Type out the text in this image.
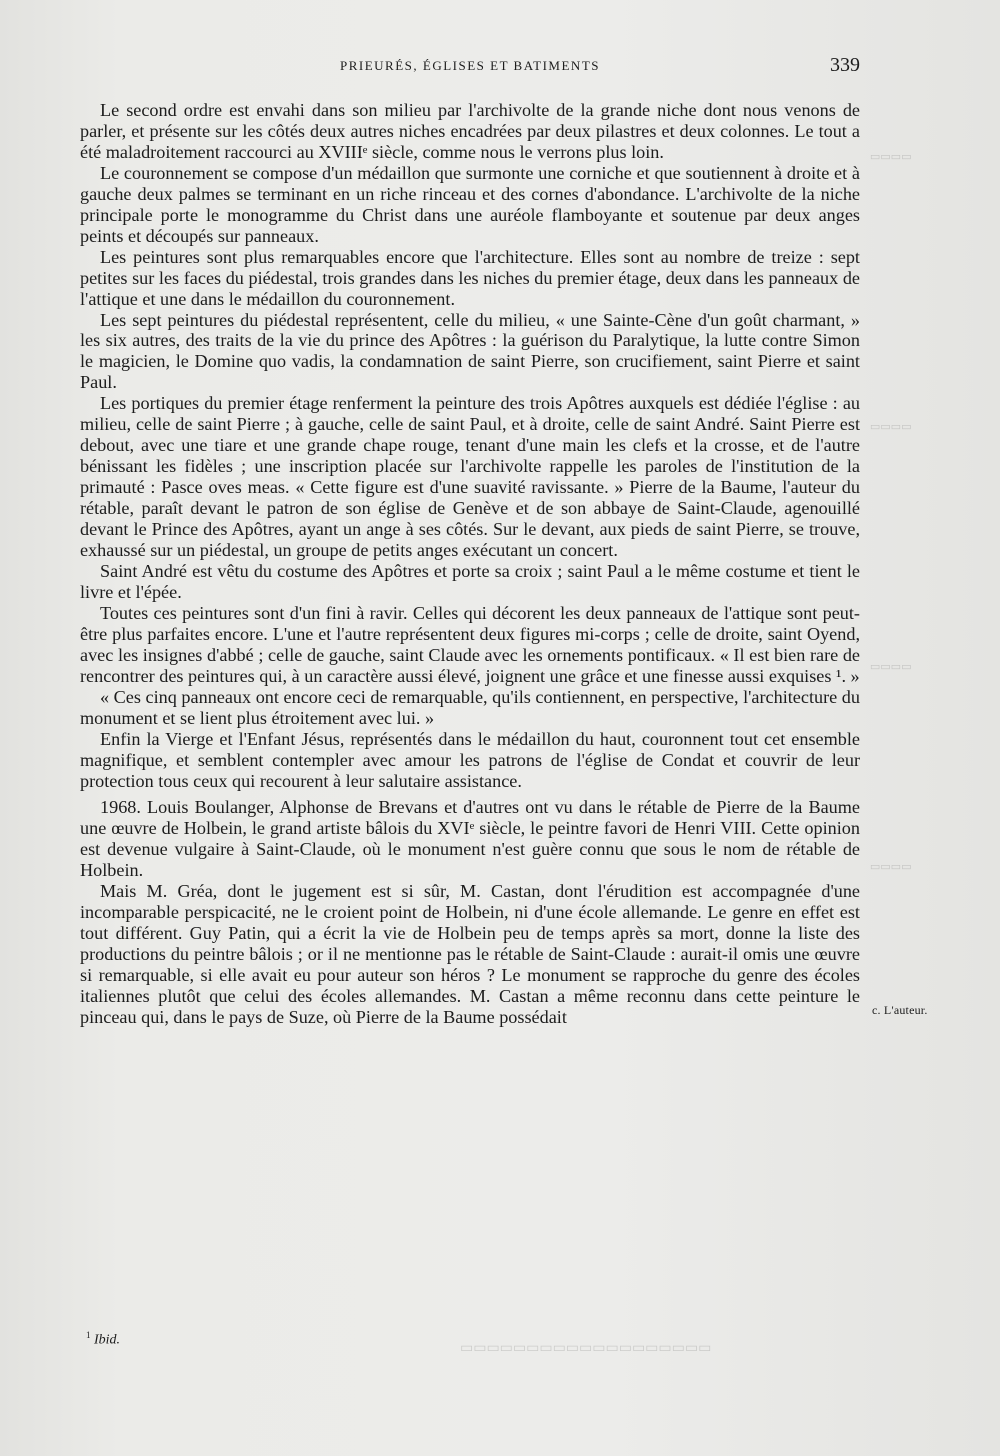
PRIEURÉS, ÉGLISES ET BATIMENTS	339
▭▭▭▭
▭▭▭▭
▭▭▭▭
▭▭▭▭

Le second ordre est envahi dans son milieu par l'archivolte de la grande niche dont nous venons de parler, et présente sur les côtés deux autres niches encadrées par deux pilastres et deux colonnes. Le tout a été maladroitement raccourci au XVIIIᵉ siècle, comme nous le verrons plus loin.

Le couronnement se compose d'un médaillon que surmonte une corniche et que soutiennent à droite et à gauche deux palmes se terminant en un riche rinceau et des cornes d'abondance. L'archivolte de la niche principale porte le monogramme du Christ dans une auréole flamboyante et soutenue par deux anges peints et découpés sur panneaux.

Les peintures sont plus remarquables encore que l'architecture. Elles sont au nombre de treize : sept petites sur les faces du piédestal, trois grandes dans les niches du premier étage, deux dans les panneaux de l'attique et une dans le médaillon du couronnement.

Les sept peintures du piédestal représentent, celle du milieu, « une Sainte-Cène d'un goût charmant, » les six autres, des traits de la vie du prince des Apôtres : la guérison du Paralytique, la lutte contre Simon le magicien, le Domine quo vadis, la condamnation de saint Pierre, son crucifiement, saint Pierre et saint Paul.

Les portiques du premier étage renferment la peinture des trois Apôtres auxquels est dédiée l'église : au milieu, celle de saint Pierre ; à gauche, celle de saint Paul, et à droite, celle de saint André. Saint Pierre est debout, avec une tiare et une grande chape rouge, tenant d'une main les clefs et la crosse, et de l'autre bénissant les fidèles ; une inscription placée sur l'archivolte rappelle les paroles de l'institution de la primauté : Pasce oves meas. « Cette figure est d'une suavité ravissante. » Pierre de la Baume, l'auteur du rétable, paraît devant le patron de son église de Genève et de son abbaye de Saint-Claude, agenouillé devant le Prince des Apôtres, ayant un ange à ses côtés. Sur le devant, aux pieds de saint Pierre, se trouve, exhaussé sur un piédestal, un groupe de petits anges exécutant un concert.

Saint André est vêtu du costume des Apôtres et porte sa croix ; saint Paul a le même costume et tient le livre et l'épée.

Toutes ces peintures sont d'un fini à ravir. Celles qui décorent les deux panneaux de l'attique sont peut-être plus parfaites encore. L'une et l'autre représentent deux figures mi-corps ; celle de droite, saint Oyend, avec les insignes d'abbé ; celle de gauche, saint Claude avec les ornements pontificaux. « Il est bien rare de rencontrer des peintures qui, à un caractère aussi élevé, joignent une grâce et une finesse aussi exquises ¹. »

« Ces cinq panneaux ont encore ceci de remarquable, qu'ils contiennent, en perspective, l'architecture du monument et se lient plus étroitement avec lui. »

Enfin la Vierge et l'Enfant Jésus, représentés dans le médaillon du haut, couronnent tout cet ensemble magnifique, et semblent contempler avec amour les patrons de l'église de Condat et couvrir de leur protection tous ceux qui recourent à leur salutaire assistance.

1968. Louis Boulanger, Alphonse de Brevans et d'autres ont vu dans le rétable de Pierre de la Baume une œuvre de Holbein, le grand artiste bâlois du XVIᵉ siècle, le peintre favori de Henri VIII. Cette opinion est devenue vulgaire à Saint-Claude, où le monument n'est guère connu que sous le nom de rétable de Holbein.

Mais M. Gréa, dont le jugement est si sûr, M. Castan, dont l'érudition est accompagnée d'une incomparable perspicacité, ne le croient point de Holbein, ni d'une école allemande. Le genre en effet est tout différent. Guy Patin, qui a écrit la vie de Holbein peu de temps après sa mort, donne la liste des productions du peintre bâlois ; or il ne mentionne pas le rétable de Saint-Claude : aurait-il omis une œuvre si remarquable, si elle avait eu pour auteur son héros ? Le monument se rapproche du genre des écoles italiennes plutôt que celui des écoles allemandes. M. Castan a même reconnu dans cette peinture le pinceau qui, dans le pays de Suze, où Pierre de la Baume possédait	c. L'auteur.
$^1$ Ibid.
▭▭▭▭▭▭▭▭▭▭▭▭▭▭▭▭▭▭▭
